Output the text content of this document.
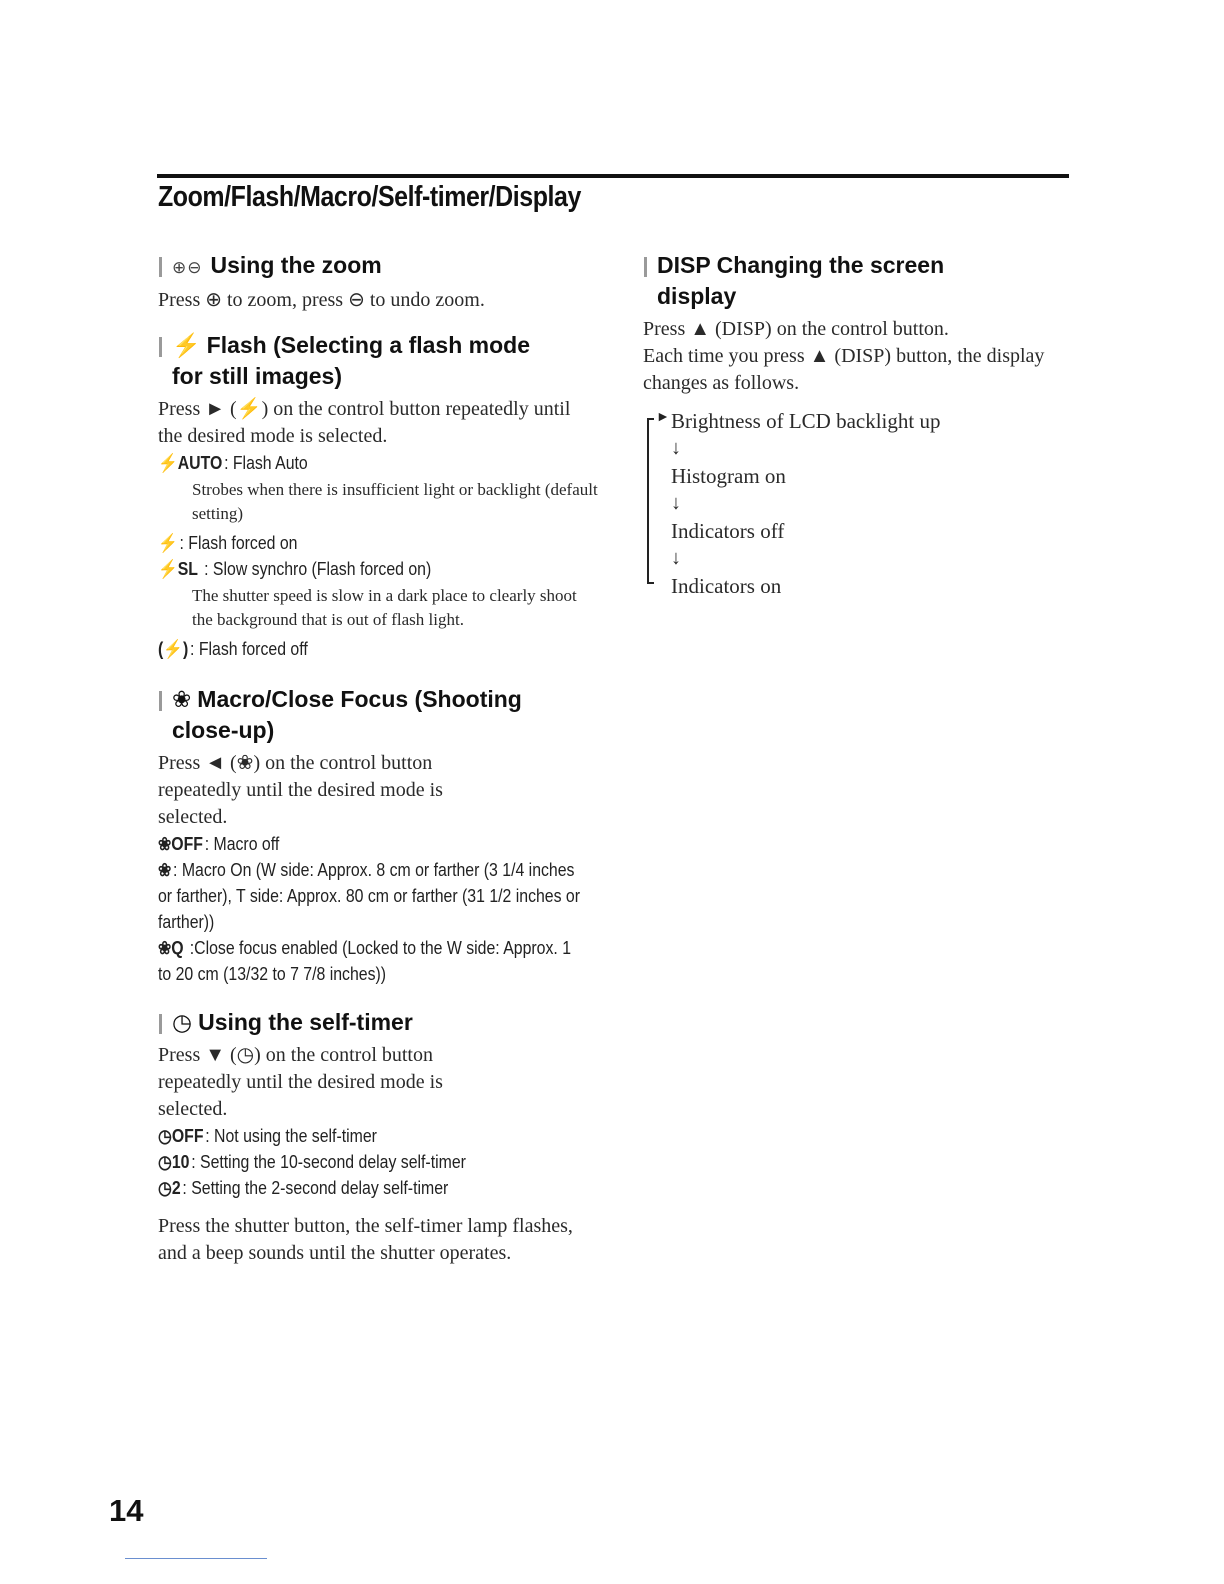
Zoom/Flash/Macro/Self-timer/Display
⊕⊖ Using the zoom

Press ⊕ to zoom, press ⊖ to undo zoom.

⚡ Flash (Selecting a flash mode
for still images)

Press ► (⚡) on the control button repeatedly until the desired mode is selected.

⚡AUTO: Flash Auto
Strobes when there is insufficient light or backlight (default setting)
⚡: Flash forced on
⚡SL : Slow synchro (Flash forced on)
The shutter speed is slow in a dark place to clearly shoot the background that is out of flash light.
(⚡): Flash forced off
❀ Macro/Close Focus (Shooting
close-up)

Press ◄ (❀) on the control button repeatedly until the desired mode is selected.

❀OFF: Macro off
❀: Macro On (W side: Approx. 8 cm or farther (3 1/4 inches or farther), T side: Approx. 80 cm or farther (31 1/2 inches or farther))
❀Q :Close focus enabled (Locked to the W side: Approx. 1 to 20 cm (13/32 to 7 7/8 inches))
◷ Using the self-timer

Press ▼ (◷) on the control button repeatedly until the desired mode is selected.

◷OFF: Not using the self-timer
◷10: Setting the 10-second delay self-timer
◷2: Setting the 2-second delay self-timer

Press the shutter button, the self-timer lamp flashes, and a beep sounds until the shutter operates.

DISP Changing the screen
display

Press ▲ (DISP) on the control button.

Each time you press ▲ (DISP) button, the display changes as follows.

► Brightness of LCD backlight up
↓
Histogram on
↓
Indicators off
↓
Indicators on
14
